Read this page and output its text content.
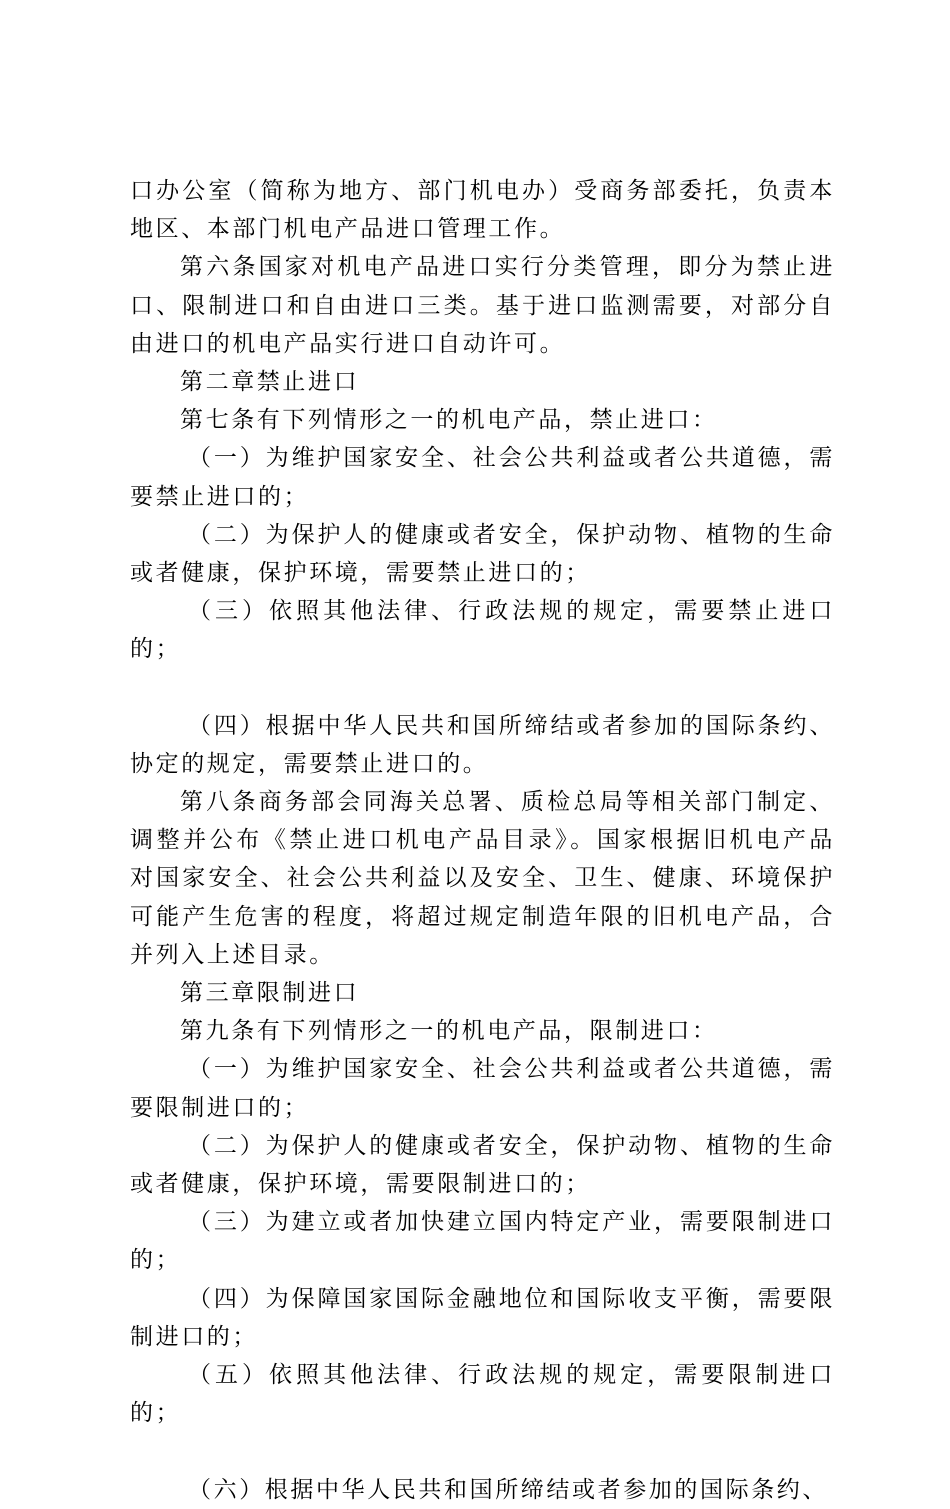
口办公室（简称为地方、部门机电办）受商务部委托，负责本地区、本部门机电产品进口管理工作。

第六条国家对机电产品进口实行分类管理，即分为禁止进口、限制进口和自由进口三类。基于进口监测需要，对部分自由进口的机电产品实行进口自动许可。

第二章禁止进口

第七条有下列情形之一的机电产品，禁止进口：

（一）为维护国家安全、社会公共利益或者公共道德，需要禁止进口的；

（二）为保护人的健康或者安全，保护动物、植物的生命或者健康，保护环境，需要禁止进口的；

（三）依照其他法律、行政法规的规定，需要禁止进口的；

（四）根据中华人民共和国所缔结或者参加的国际条约、协定的规定，需要禁止进口的。

第八条商务部会同海关总署、质检总局等相关部门制定、调整并公布《禁止进口机电产品目录》。国家根据旧机电产品对国家安全、社会公共利益以及安全、卫生、健康、环境保护可能产生危害的程度，将超过规定制造年限的旧机电产品，合并列入上述目录。

第三章限制进口

第九条有下列情形之一的机电产品，限制进口：

（一）为维护国家安全、社会公共利益或者公共道德，需要限制进口的；

（二）为保护人的健康或者安全，保护动物、植物的生命或者健康，保护环境，需要限制进口的；

（三）为建立或者加快建立国内特定产业，需要限制进口的；

（四）为保障国家国际金融地位和国际收支平衡，需要限制进口的；

（五）依照其他法律、行政法规的规定，需要限制进口的；

（六）根据中华人民共和国所缔结或者参加的国际条约、
